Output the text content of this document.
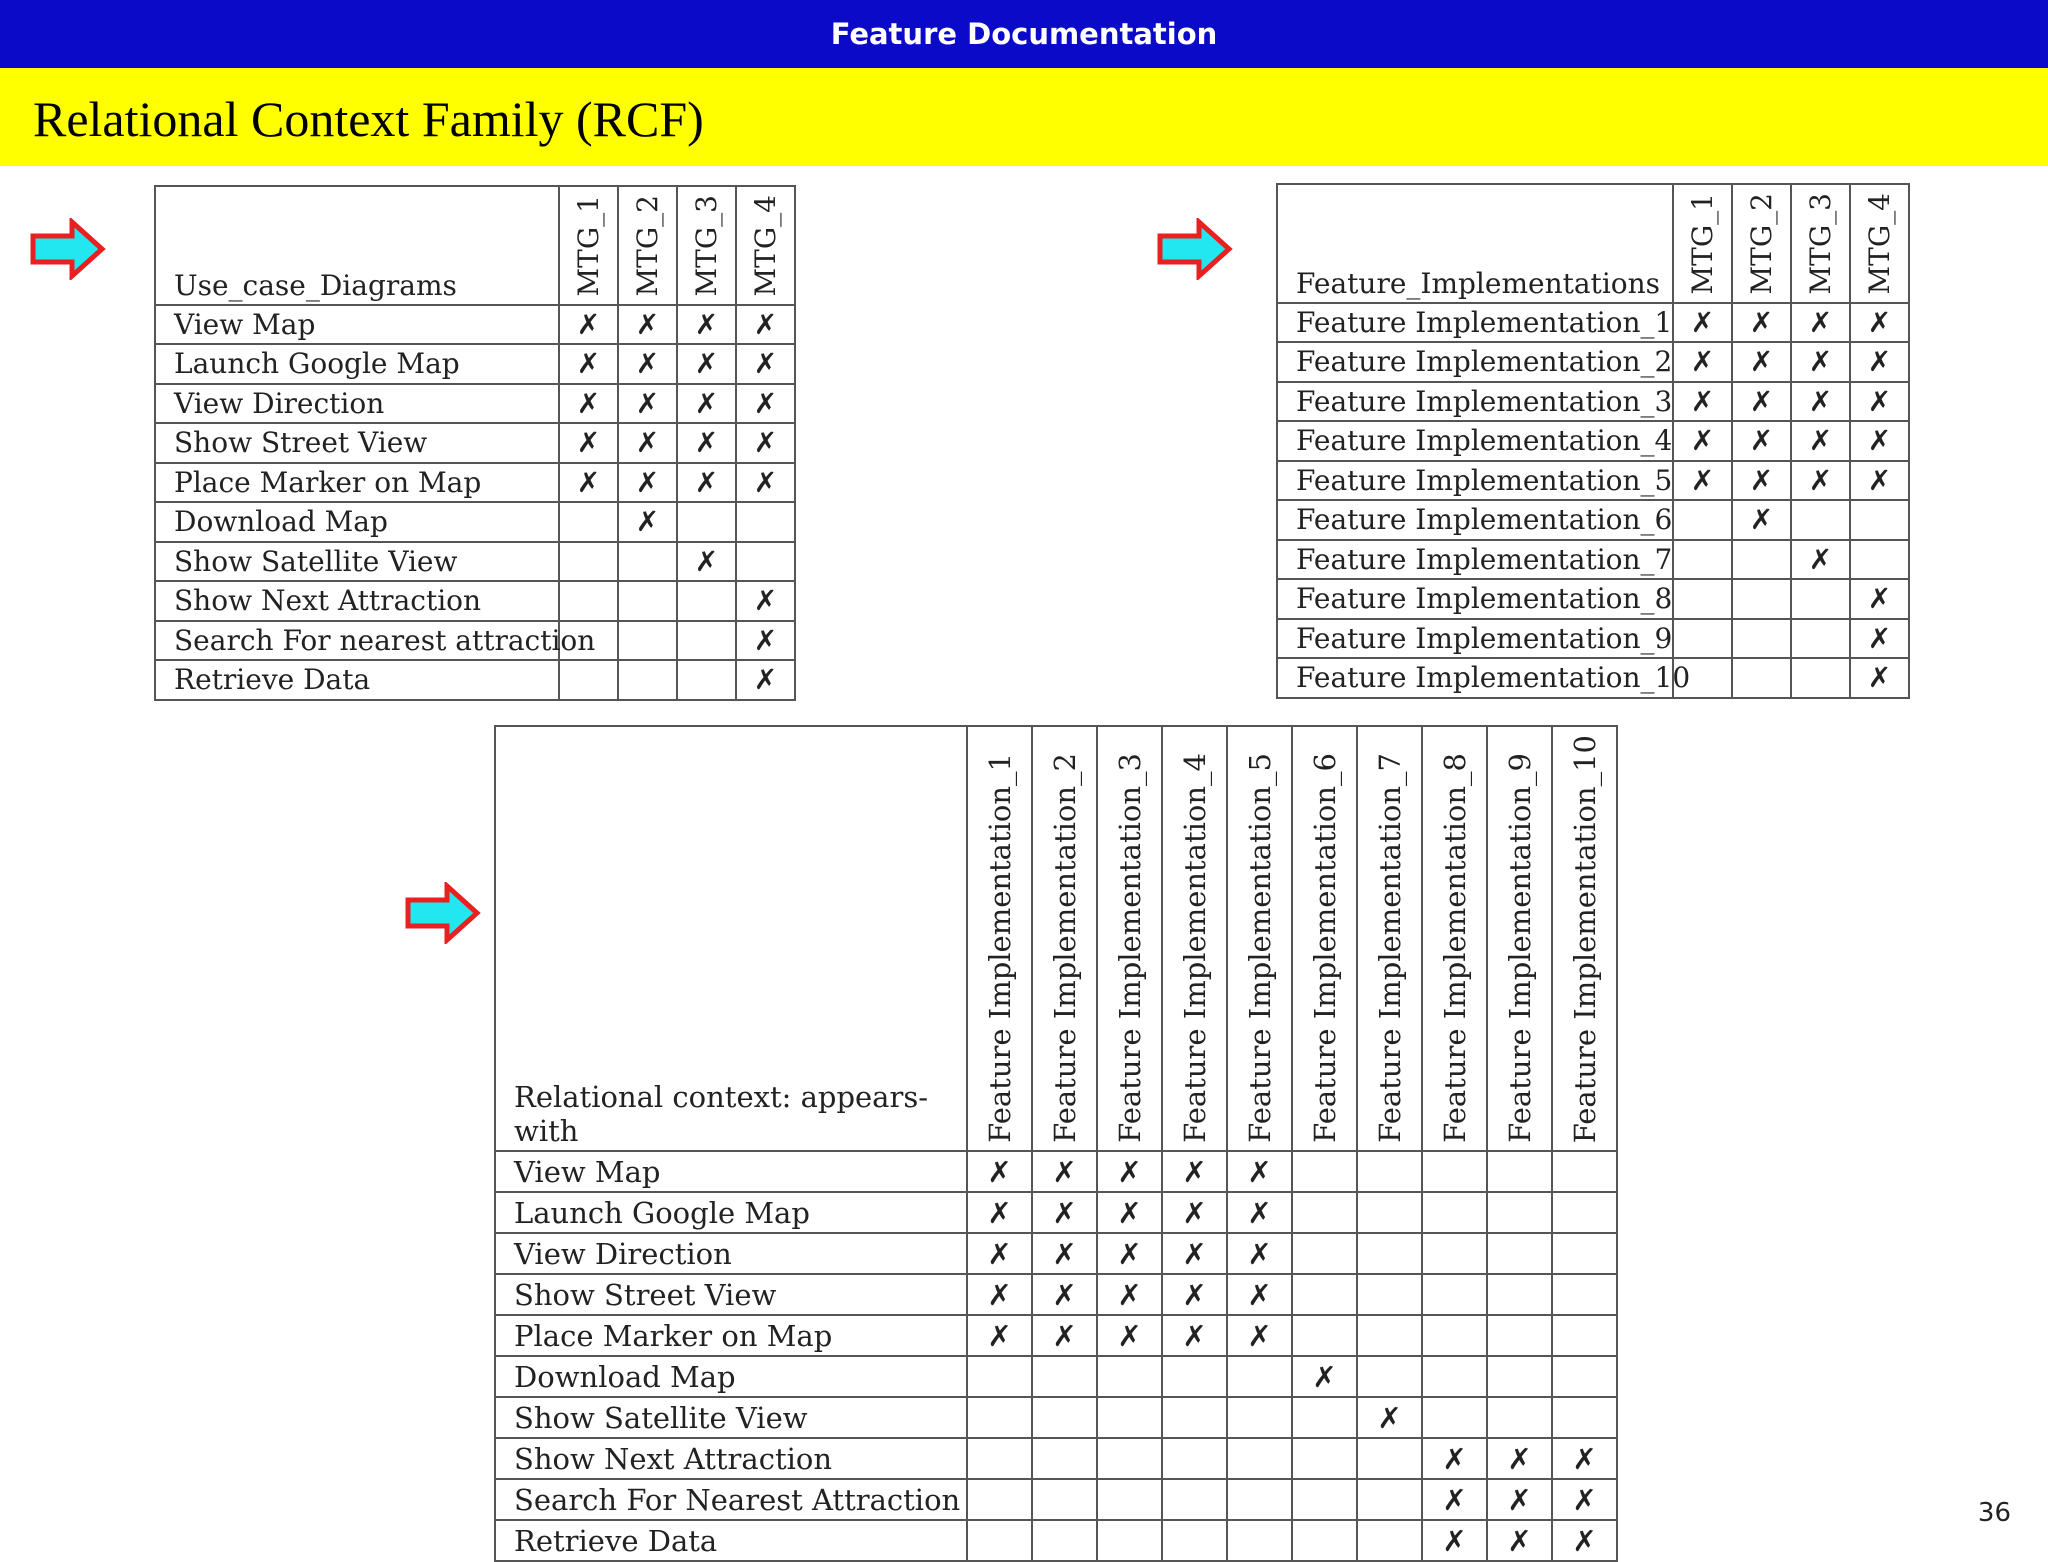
Feature Documentation
Relational Context Family (RCF)
Use_case_Diagrams	MTG_1	MTG_2	MTG_3	MTG_4
View Map	✗	✗	✗	✗
Launch Google Map	✗	✗	✗	✗
View Direction	✗	✗	✗	✗
Show Street View	✗	✗	✗	✗
Place Marker on Map	✗	✗	✗	✗
Download Map		✗		
Show Satellite View			✗	
Show Next Attraction				✗
Search For nearest attraction				✗
Retrieve Data				✗
Feature_Implementations	MTG_1	MTG_2	MTG_3	MTG_4
Feature Implementation_1	✗	✗	✗	✗
Feature Implementation_2	✗	✗	✗	✗
Feature Implementation_3	✗	✗	✗	✗
Feature Implementation_4	✗	✗	✗	✗
Feature Implementation_5	✗	✗	✗	✗
Feature Implementation_6		✗		
Feature Implementation_7			✗	
Feature Implementation_8				✗
Feature Implementation_9				✗
Feature Implementation_10				✗
Relational context: appears-with	Feature Implementation_1	Feature Implementation_2	Feature Implementation_3	Feature Implementation_4	Feature Implementation_5	Feature Implementation_6	Feature Implementation_7	Feature Implementation_8	Feature Implementation_9	Feature Implementation_10
View Map	✗	✗	✗	✗	✗					
Launch Google Map	✗	✗	✗	✗	✗					
View Direction	✗	✗	✗	✗	✗					
Show Street View	✗	✗	✗	✗	✗					
Place Marker on Map	✗	✗	✗	✗	✗					
Download Map						✗				
Show Satellite View							✗			
Show Next Attraction								✗	✗	✗
Search For Nearest Attraction								✗	✗	✗
Retrieve Data								✗	✗	✗
36
